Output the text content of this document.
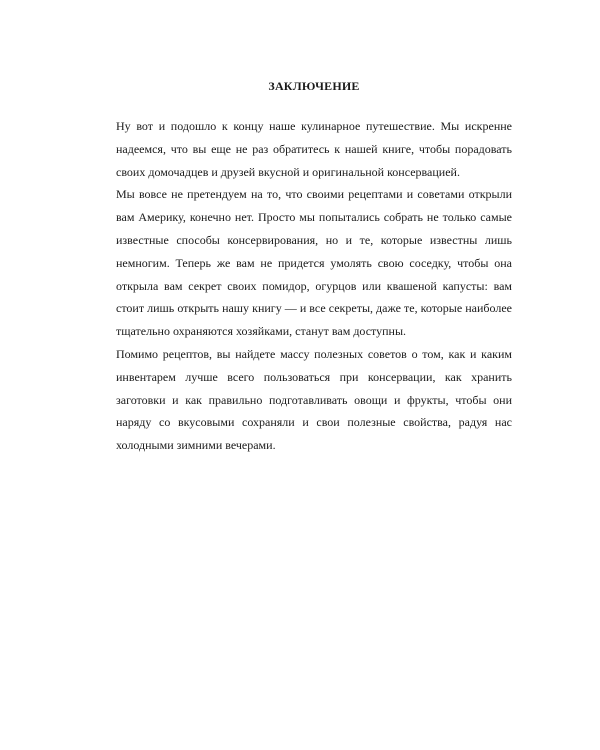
ЗАКЛЮЧЕНИЕ

Ну вот и подошло к концу наше кулинарное путешествие. Мы искренне надеемся, что вы еще не раз обратитесь к нашей книге, чтобы порадовать своих домочадцев и друзей вкусной и оригинальной консервацией.

Мы вовсе не претендуем на то, что своими рецептами и советами открыли вам Америку, конечно нет. Просто мы попытались собрать не только самые известные способы консервирования, но и те, которые известны лишь немногим. Теперь же вам не придется умолять свою соседку, чтобы она открыла вам секрет своих помидор, огурцов или квашеной капусты: вам стоит лишь открыть нашу книгу — и все секреты, даже те, которые наиболее тщательно охраняются хозяйками, станут вам доступны.

Помимо рецептов, вы найдете массу полезных советов о том, как и каким инвентарем лучше всего пользоваться при консервации, как хранить заготовки и как правильно подготавливать овощи и фрукты, чтобы они наряду со вкусовыми сохраняли и свои полезные свойства, радуя нас холодными зимними вечерами.
